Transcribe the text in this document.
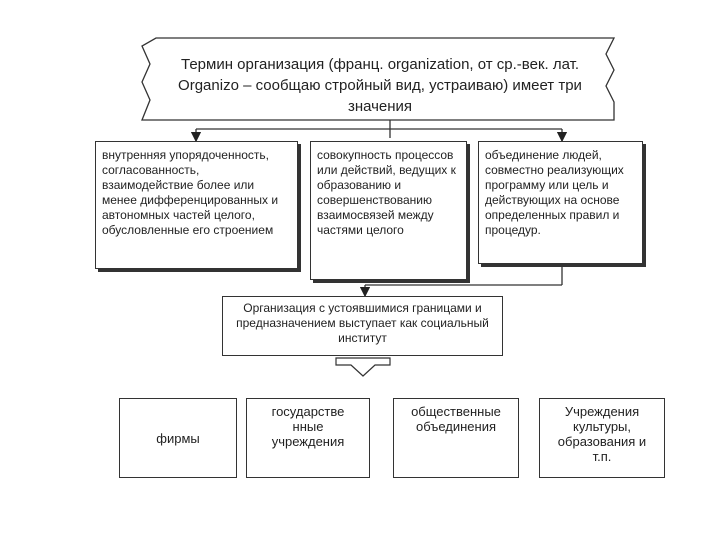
Термин организация (франц. organization, от ср.-век. лат. Organizo – сообщаю стройный вид, устраиваю) имеет три значения
внутренняя упорядоченность, согласованность, взаимодействие более или менее дифференцированных и автономных частей целого, обусловленные его строением
совокупность процессов или действий, ведущих к образованию и совершенствованию взаимосвязей между частями целого
объединение людей, совместно реализующих программу или цель и действующих на основе определенных правил и процедур.
Организация с устоявшимися границами и предназначением выступает как социальный институт
фирмы
государстве нные учреждения
общественные объединения
Учреждения культуры, образования и т.п.
